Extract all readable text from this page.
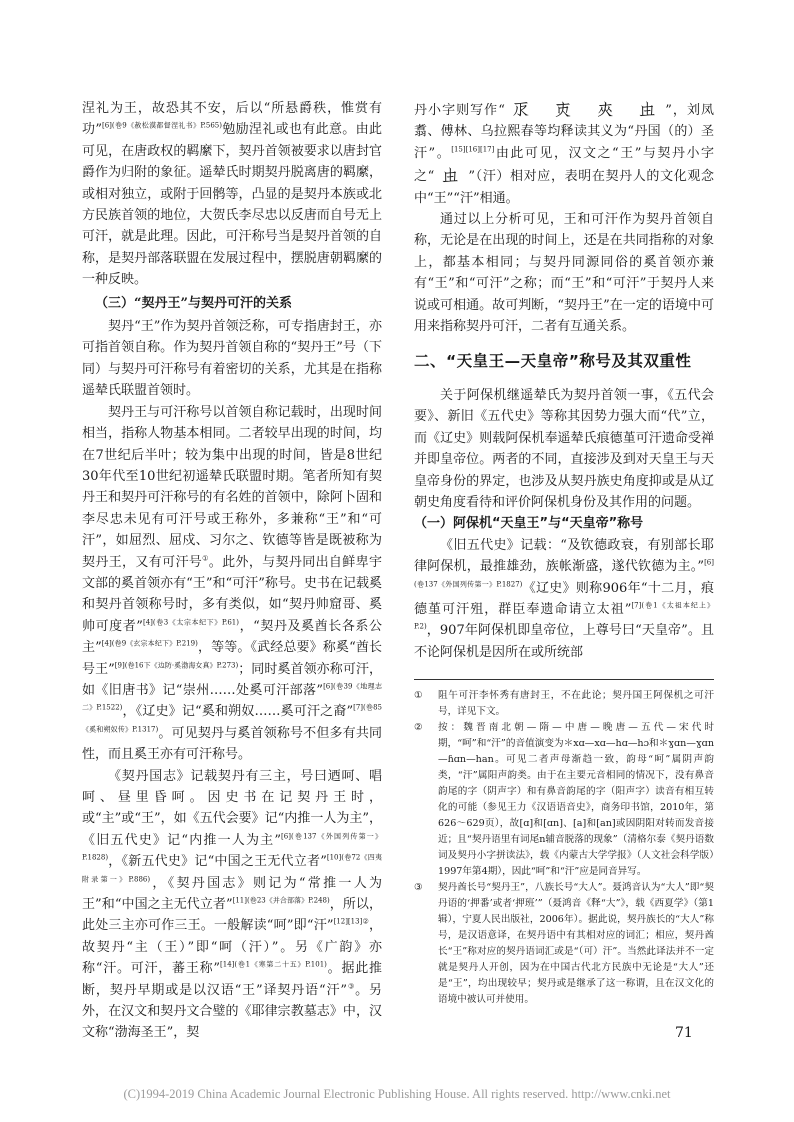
涅礼为王，故恐其不安，后以“所悬爵秩，惟赏有功”$^{[6](卷9《赦松漠都督涅礼书》P.565)}$勉励涅礼或也有此意。由此可见，在唐政权的羁縻下，契丹首领被要求以唐封官爵作为归附的象征。遥辇氏时期契丹脱离唐的羁縻，或相对独立，或附于回鹘等，凸显的是契丹本族或北方民族首领的地位，大贺氏李尽忠以反唐而自号无上可汗，就是此理。因此，可汗称号当是契丹首领的自称，是契丹部落联盟在发展过程中，摆脱唐朝羁縻的一种反映。

（三）“契丹王”与契丹可汗的关系

契丹“王”作为契丹首领泛称，可专指唐封王，亦可指首领自称。作为契丹首领自称的“契丹王”号（下同）与契丹可汗称号有着密切的关系，尤其是在指称遥辇氏联盟首领时。

契丹王与可汗称号以首领自称记载时，出现时间相当，指称人物基本相同。二者较早出现的时间，均在7世纪后半叶；较为集中出现的时间，皆是8世纪30年代至10世纪初遥辇氏联盟时期。笔者所知有契丹王和契丹可汗称号的有名姓的首领中，除阿卜固和李尽忠未见有可汗号或王称外，多兼称“王”和“可汗”，如屈烈、屈戍、习尔之、钦德等皆是既被称为契丹王，又有可汗号①。此外，与契丹同出自鲜卑宇文部的奚首领亦有“王”和“可汗”称号。史书在记载奚和契丹首领称号时，多有类似，如“契丹帅窟哥、奚帅可度者”$^{[4](卷3《太宗本纪下》P.61)}$，“契丹及奚酋长各系公主”$^{[4](卷9《玄宗本纪下》P.219)}$，等等。《武经总要》称奚“酋长号王”$^{[9](卷16下《边防\cdot 奚渤海女真》P.273)}$；同时奚首领亦称可汗，如《旧唐书》记“崇州……处奚可汗部落”$^{[6](卷39《地理志二》P.1522)}$，《辽史》记“奚和朔奴……奚可汗之裔”$^{[7](卷85《奚和朔奴传》P.1317)}$。可见契丹与奚首领称号不但多有共同性，而且奚王亦有可汗称号。

《契丹国志》记载契丹有三主，号曰迺呵、唱呵、昼里昏呵。因史书在记契丹王时，或“主”或“王”，如《五代会要》记“内推一人为主”，《旧五代史》记“内推一人为主”$^{[6](卷137《外国列传第一》P.1828)}$，《新五代史》记“中国之王无代立者”$^{[10](卷72《四夷附录第一》P.886)}$，《契丹国志》则记为“常推一人为王”和“中国之主无代立者”$^{[11](卷23《并合部落》P.248)}$，所以，此处三主亦可作三王。一般解读“呵”即“汗”$^{[12][13]②}$，故契丹“主（王）”即“呵（汗）”。另《广韵》亦称“汗。可汗，蕃王称”$^{[14](卷1《寒第二十五》P.101)}$。据此推断，契丹早期或是以汉语“王”译契丹语“汗”③。另外，在汉文和契丹文合璧的《耶律宗教墓志》中，汉文称“渤海圣王”，契

丹小字则写作“𘬊 𘭁 𘮂 𘯍”，刘凤翥、傅林、乌拉熙春等均释读其义为“丹国（的）圣汗”。[15][16][17]由此可见，汉文之“王”与契丹小字之“𘯍”（汗）相对应，表明在契丹人的文化观念中“王”“汗”相通。

通过以上分析可见，王和可汗作为契丹首领自称，无论是在出现的时间上，还是在共同指称的对象上，都基本相同；与契丹同源同俗的奚首领亦兼有“王”和“可汗”之称；而“王”和“可汗”于契丹人来说或可相通。故可判断，“契丹王”在一定的语境中可用来指称契丹可汗，二者有互通关系。

二、“天皇王—天皇帝”称号及其双重性

关于阿保机继遥辇氏为契丹首领一事，《五代会要》、新旧《五代史》等称其因势力强大而“代”立，而《辽史》则载阿保机奉遥辇氏痕德堇可汗遗命受禅并即皇帝位。两者的不同，直接涉及到对天皇王与天皇帝身份的界定，也涉及从契丹族史角度抑或是从辽朝史角度看待和评价阿保机身份及其作用的问题。

（一）阿保机“天皇王”与“天皇帝”称号

《旧五代史》记载：“及钦德政衰，有别部长耶律阿保机，最推雄劲，族帐渐盛，遂代钦德为主。”$^{[6](卷137《外国列传第一》P.1827)}$《辽史》则称906年“十二月，痕德堇可汗殂，群臣奉遗命请立太祖”$^{[7](卷1《太祖本纪上》P.2)}$，907年阿保机即皇帝位，上尊号曰“天皇帝”。且不论阿保机是因所在或所统部

①	阻午可汗李怀秀有唐封王，不在此论；契丹国王阿保机之可汗号，详见下文。
②	按：魏晋南北朝—隋—中唐—晚唐—五代—宋代时期，“呵”和“汗”的音值演变为＊xɑ—xɑ—hɑ—hɔ和＊ɣɑn—ɣɑn—ɦɑn—han。可见二者声母渐趋一致，韵母“呵”属阴声韵类，“汗”属阳声韵类。由于在主要元音相同的情况下，没有鼻音韵尾的字（阴声字）和有鼻音韵尾的字（阳声字）读音有相互转化的可能（参见王力《汉语语音史》，商务印书馆，2010年，第626～629页），故[ɑ]和[ɑn]、[a]和[an]或因阴阳对转而发音接近；且“契丹语里有词尾n辅音脱落的现象”（清格尔泰《契丹语数词及契丹小字拼读法》，载《内蒙古大学学报》（人文社会科学版）1997年第4期），因此“呵”和“汗”应是同音异写。
③	契丹酋长号“契丹王”，八族长号“大人”。聂鸿音认为“大人”即“契丹语的‘押番’或者‘押班’”（聂鸿音《释“大”》，载《西夏学》（第1辑），宁夏人民出版社，2006年）。据此说，契丹族长的“大人”称号，是汉语意译，在契丹语中有其相对应的词汇；相应，契丹酋长“王”称对应的契丹语词汇或是“（可）汗”。当然此译法并不一定就是契丹人开创，因为在中国古代北方民族中无论是“大人”还是“王”，均出现较早；契丹或是继承了这一称谓，且在汉文化的语境中被认可并使用。
71
(C)1994-2019 China Academic Journal Electronic Publishing House. All rights reserved. http://www.cnki.net
